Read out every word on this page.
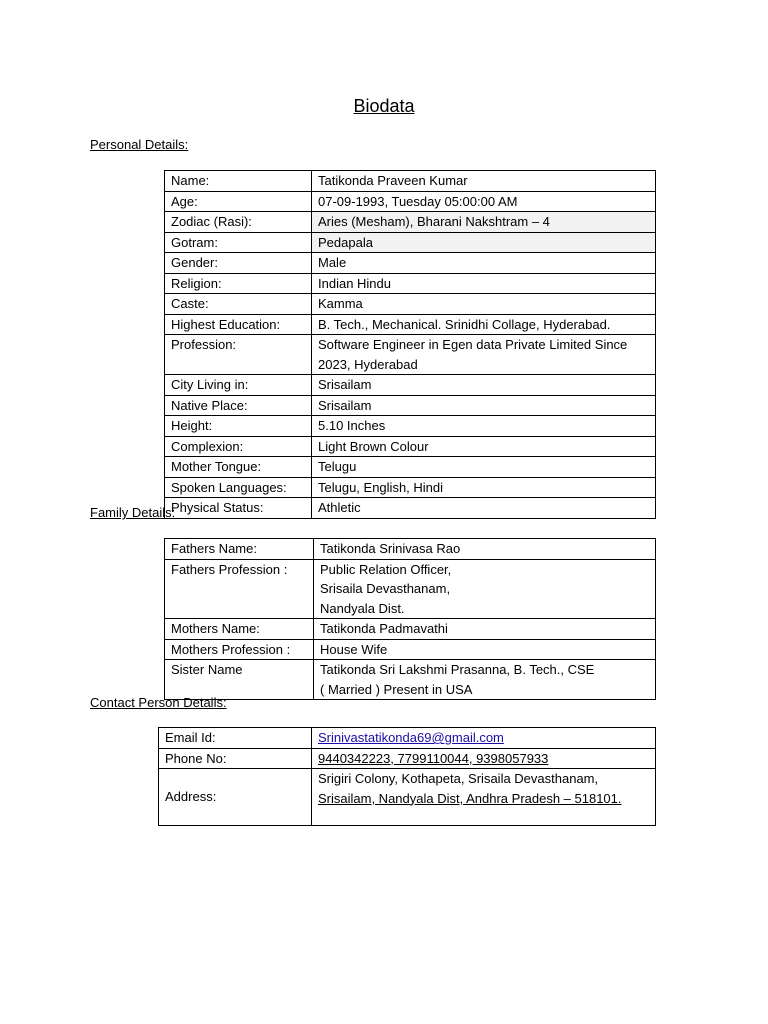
Biodata
Personal Details:
Name:	Tatikonda Praveen Kumar

Age:	07-09-1993, Tuesday 05:00:00 AM

Zodiac (Rasi):	Aries (Mesham), Bharani Nakshtram – 4

Gotram:	Pedapala

Gender:	Male

Religion:	Indian Hindu

Caste:	Kamma

Highest Education:	B. Tech., Mechanical. Srinidhi Collage, Hyderabad.

Profession:	Software Engineer in Egen data Private Limited Since
2023, Hyderabad

City Living in:	Srisailam

Native Place:	Srisailam

Height:	5.10 Inches

Complexion:	Light Brown Colour

Mother Tongue:	Telugu

Spoken Languages:	Telugu, English, Hindi

Physical Status:	Athletic
Family Details:
Fathers Name:	Tatikonda Srinivasa Rao

Fathers Profession :	Public Relation Officer,
Srisaila Devasthanam,
Nandyala Dist.

Mothers Name:	Tatikonda Padmavathi

Mothers Profession :	House Wife

Sister Name	Tatikonda Sri Lakshmi Prasanna, B. Tech., CSE
( Married ) Present in USA
Contact Person Details:
Email Id:	Srinivastatikonda69@gmail.com
Phone No:	9440342223, 7799110044, 9398057933
Address:	Srigiri Colony, Kothapeta, Srisaila Devasthanam,
Srisailam, Nandyala Dist, Andhra Pradesh – 518101.
